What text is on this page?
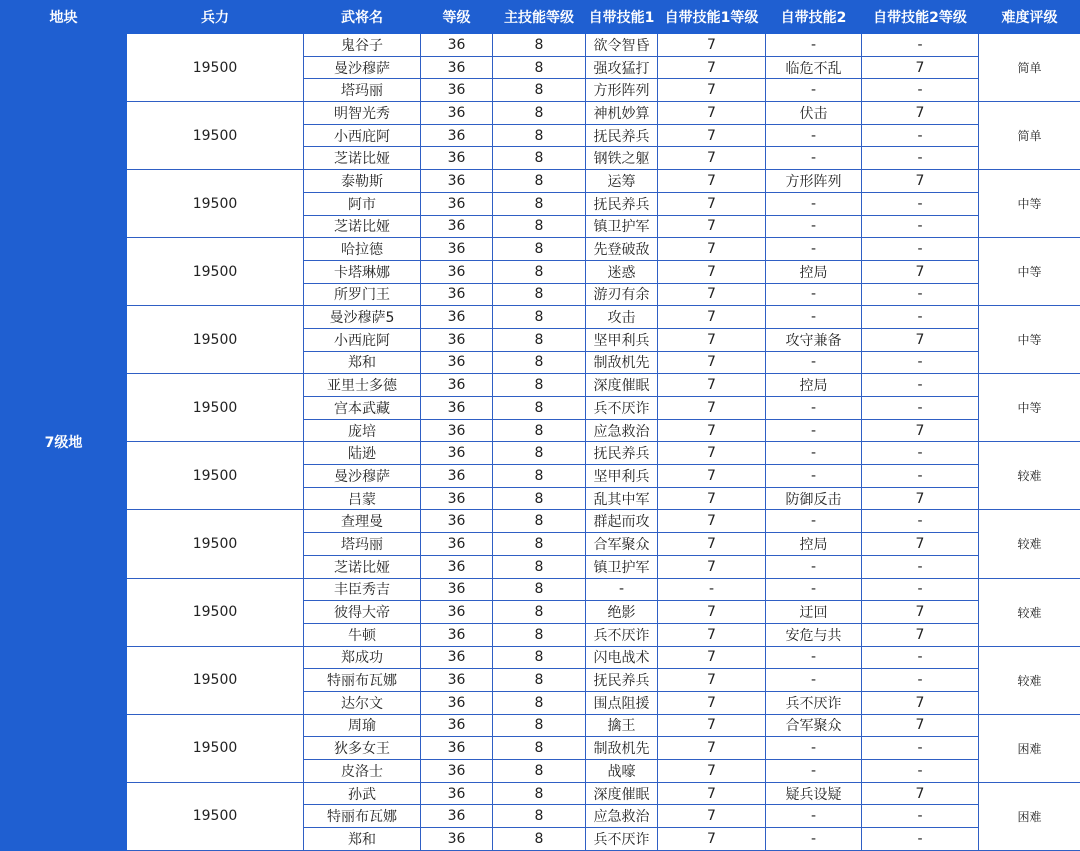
地块	兵力	武将名	等级	主技能等级	自带技能1	自带技能1等级	自带技能2	自带技能2等级	难度评级
7级地	19500	鬼谷子	36	8	欲令智昏	7	-	-	简单
		曼沙穆萨	36	8	强攻猛打	7	临危不乱	7	
		塔玛丽	36	8	方形阵列	7	-	-	
	19500	明智光秀	36	8	神机妙算	7	伏击	7	简单
		小西庇阿	36	8	抚民养兵	7	-	-	
		芝诺比娅	36	8	钢铁之躯	7	-	-	
	19500	泰勒斯	36	8	运筹	7	方形阵列	7	中等
		阿市	36	8	抚民养兵	7	-	-	
		芝诺比娅	36	8	镇卫护军	7	-	-	
	19500	哈拉德	36	8	先登破敌	7	-	-	中等
		卡塔琳娜	36	8	迷惑	7	控局	7	
		所罗门王	36	8	游刃有余	7	-	-	
	19500	曼沙穆萨5	36	8	攻击	7	-	-	中等
		小西庇阿	36	8	坚甲利兵	7	攻守兼备	7	
		郑和	36	8	制敌机先	7	-	-	
	19500	亚里士多德	36	8	深度催眠	7	控局	-	中等
		宫本武藏	36	8	兵不厌诈	7	-	-	
		庞培	36	8	应急救治	7	-	7	
	19500	陆逊	36	8	抚民养兵	7	-	-	较难
		曼沙穆萨	36	8	坚甲利兵	7	-	-	
		吕蒙	36	8	乱其中军	7	防御反击	7	
	19500	查理曼	36	8	群起而攻	7	-	-	较难
		塔玛丽	36	8	合军聚众	7	控局	7	
		芝诺比娅	36	8	镇卫护军	7	-	-	
	19500	丰臣秀吉	36	8	-	-	-	-	较难
		彼得大帝	36	8	绝影	7	迂回	7	
		牛顿	36	8	兵不厌诈	7	安危与共	7	
	19500	郑成功	36	8	闪电战术	7	-	-	较难
		特丽布瓦娜	36	8	抚民养兵	7	-	-	
		达尔文	36	8	围点阻援	7	兵不厌诈	7	
	19500	周瑜	36	8	擒王	7	合军聚众	7	困难
		狄多女王	36	8	制敌机先	7	-	-	
		皮洛士	36	8	战嚎	7	-	-	
	19500	孙武	36	8	深度催眠	7	疑兵设疑	7	困难
		特丽布瓦娜	36	8	应急救治	7	-	-	
		郑和	36	8	兵不厌诈	7	-	-	
